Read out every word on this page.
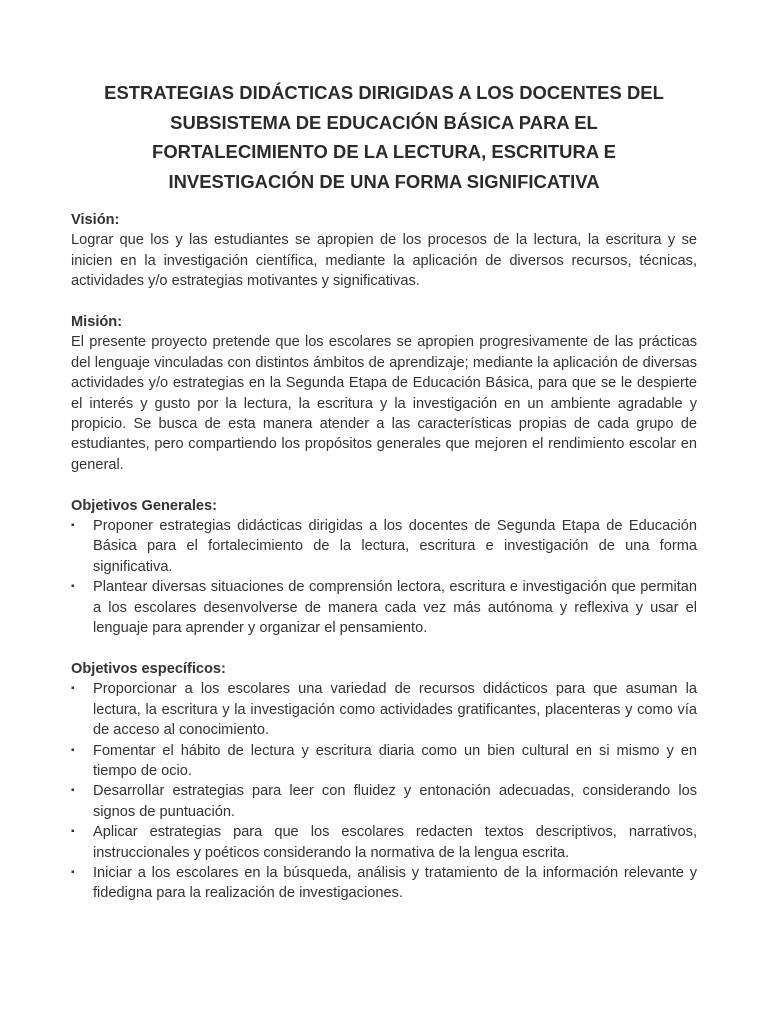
ESTRATEGIAS DIDÁCTICAS DIRIGIDAS A LOS DOCENTES DEL
SUBSISTEMA DE EDUCACIÓN BÁSICA PARA EL
FORTALECIMIENTO DE LA LECTURA, ESCRITURA E
INVESTIGACIÓN DE UNA FORMA SIGNIFICATIVA
Visión:

Lograr que los y las estudiantes se apropien de los procesos de la lectura, la escritura y se inicien en la investigación científica, mediante la aplicación de diversos recursos, técnicas, actividades y/o estrategias motivantes y significativas.

Misión:

El presente proyecto pretende que los escolares se apropien progresivamente de las prácticas del lenguaje vinculadas con distintos ámbitos de aprendizaje; mediante la aplicación de diversas actividades y/o estrategias en la Segunda Etapa de Educación Básica, para que se le despierte el interés y gusto por la lectura, la escritura y la investigación en un ambiente agradable y propicio. Se busca de esta manera atender a las características propias de cada grupo de estudiantes, pero compartiendo los propósitos generales que mejoren el rendimiento escolar en general.

Objetivos Generales:
▪	Proponer estrategias didácticas dirigidas a los docentes de Segunda Etapa de Educación Básica para el fortalecimiento de la lectura, escritura e investigación de una forma significativa.
▪	Plantear diversas situaciones de comprensión lectora, escritura e investigación que permitan a los escolares desenvolverse de manera cada vez más autónoma y reflexiva y usar el lenguaje para aprender y organizar el pensamiento.
Objetivos específicos:
▪	Proporcionar a los escolares una variedad de recursos didácticos para que asuman la lectura, la escritura y la investigación como actividades gratificantes, placenteras y como vía de acceso al conocimiento.
▪	Fomentar el hábito de lectura y escritura diaria como un bien cultural en si mismo y en tiempo de ocio.
▪	Desarrollar estrategias para leer con fluidez y entonación adecuadas, considerando los signos de puntuación.
▪	Aplicar estrategias para que los escolares redacten textos descriptivos, narrativos, instruccionales y poéticos considerando la normativa de la lengua escrita.
▪	Iniciar a los escolares en la búsqueda, análisis y tratamiento de la información relevante y fidedigna para la realización de investigaciones.
